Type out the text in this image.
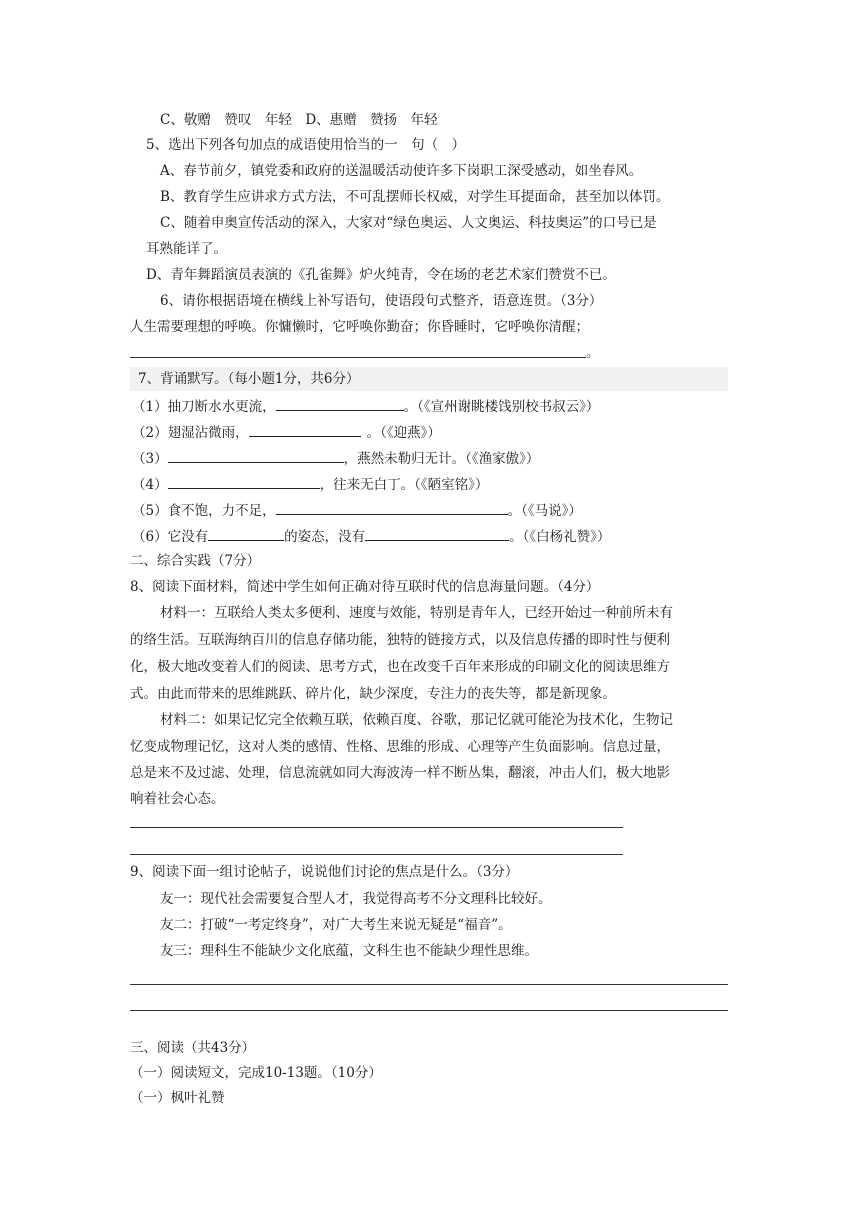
C、敬赠　赞叹　年轻　D、惠赠　赞扬　年轻
5、选出下列各句加点的成语使用恰当的一　句（　）
A、春节前夕，镇党委和政府的送温暖活动使许多下岗职工深受感动，如坐春风。
B、教育学生应讲求方式方法，不可乱摆师长权威，对学生耳提面命，甚至加以体罚。
C、随着申奥宣传活动的深入，大家对“绿色奥运、人文奥运、科技奥运”的口号已是
耳熟能详了。
D、青年舞蹈演员表演的《孔雀舞》炉火纯青，令在场的老艺术家们赞赏不已。
6、请你根据语境在横线上补写语句，使语段句式整齐，语意连贯。（3分）
人生需要理想的呼唤。你慵懒时，它呼唤你勤奋；你昏睡时，它呼唤你清醒；
。
7、背诵默写。（每小题1分，共6分）
（1）抽刀断水水更流，	。（《宣州谢眺楼饯别校书叔云》）
（2）翅湿沾微雨，	。（《迎燕》）
（3）	，燕然未勒归无计。（《渔家傲》）
（4）	，往来无白丁。（《陋室铭》）
（5）食不饱，力不足，	。（《马说》）
（6）它没有	的姿态，没有	。（《白杨礼赞》）
二、综合实践（7分）
8、阅读下面材料，简述中学生如何正确对待互联时代的信息海量问题。（4分）
材料一：互联给人类太多便利、速度与效能，特别是青年人，已经开始过一种前所未有
的络生活。互联海纳百川的信息存储功能，独特的链接方式，以及信息传播的即时性与便利
化，极大地改变着人们的阅读、思考方式，也在改变千百年来形成的印刷文化的阅读思维方
式。由此而带来的思维跳跃、碎片化，缺少深度，专注力的丧失等，都是新现象。
材料二：如果记忆完全依赖互联，依赖百度、谷歌，那记忆就可能沦为技术化，生物记
忆变成物理记忆，这对人类的感情、性格、思维的形成、心理等产生负面影响。信息过量，
总是来不及过滤、处理，信息流就如同大海波涛一样不断丛集，翻滚，冲击人们，极大地影
响着社会心态。
9、阅读下面一组讨论帖子，说说他们讨论的焦点是什么。（3分）
友一：现代社会需要复合型人才，我觉得高考不分文理科比较好。
友二：打破“一考定终身”，对广大考生来说无疑是“福音”。
友三：理科生不能缺少文化底蕴，文科生也不能缺少理性思维。
三、阅读（共43分）
（一）阅读短文，完成10-13题。（10分）
（一）枫叶礼赞
